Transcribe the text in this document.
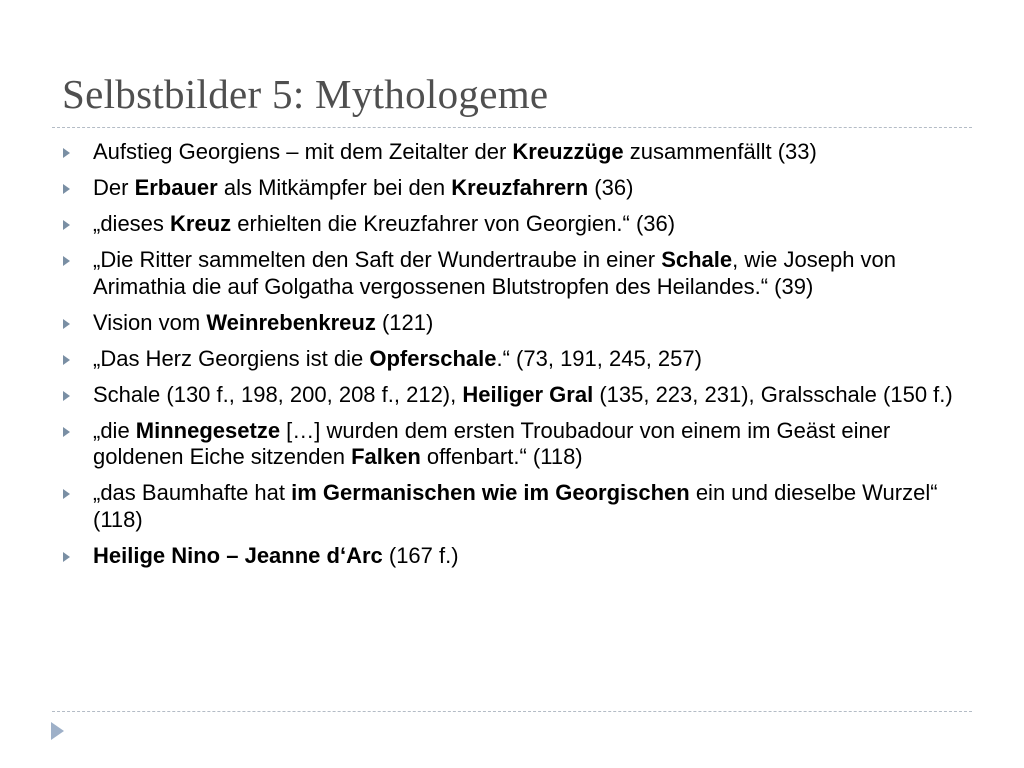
Selbstbilder 5: Mythologeme
Aufstieg Georgiens – mit dem Zeitalter der Kreuzzüge zusammenfällt (33)
Der Erbauer als Mitkämpfer bei den Kreuzfahrern (36)
„dieses Kreuz erhielten die Kreuzfahrer von Georgien.“ (36)
„Die Ritter sammelten den Saft der Wundertraube in einer Schale, wie Joseph von Arimathia die auf Golgatha vergossenen Blutstropfen des Heilandes.“ (39)
Vision vom Weinrebenkreuz (121)
„Das Herz Georgiens ist die Opferschale.“ (73, 191, 245, 257)
Schale (130 f., 198, 200, 208 f., 212), Heiliger Gral (135, 223, 231), Gralsschale (150 f.)
„die Minnegesetze […] wurden dem ersten Troubadour von einem im Geäst einer goldenen Eiche sitzenden Falken offenbart.“ (118)
„das Baumhafte hat im Germanischen wie im Georgischen ein und dieselbe Wurzel“ (118)
Heilige Nino – Jeanne d‘Arc (167 f.)
